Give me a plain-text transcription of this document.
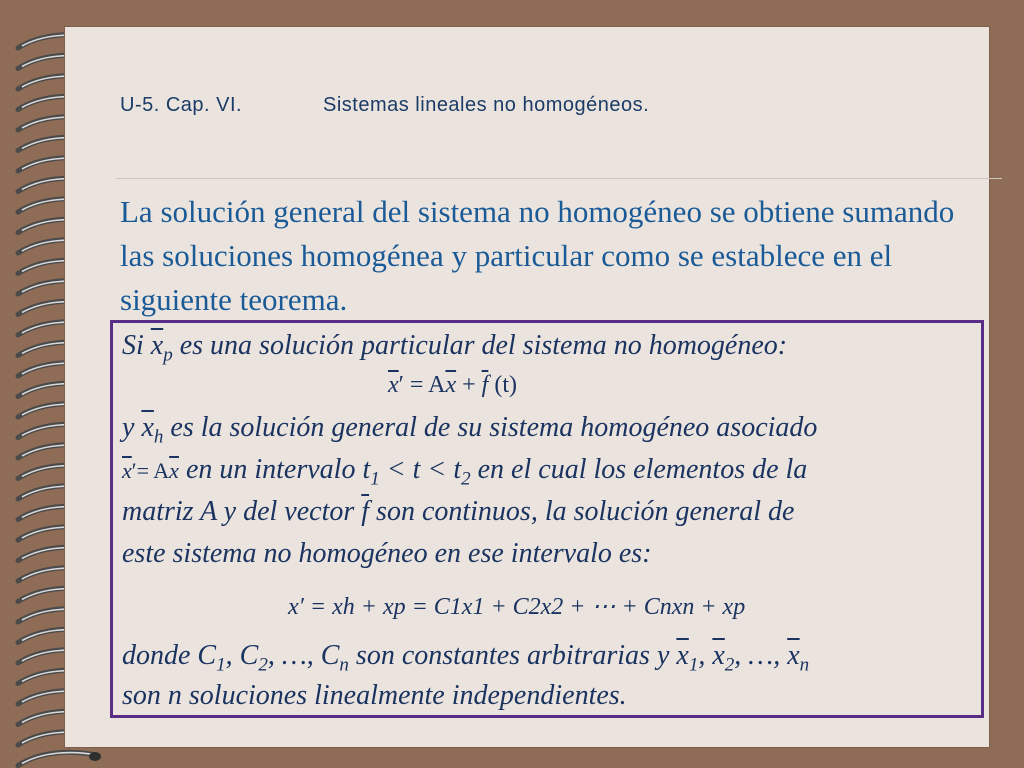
U-5. Cap. VI.	Sistemas lineales no homogéneos.
La solución general del sistema no homogéneo se obtiene sumando las soluciones homogénea y particular como se establece en el siguiente teorema.
Si $\overline{x}_p$ es una solución particular del sistema no homogéneo:
$\overline{x}' = A\overline{x} + \overline{f}$ (t)
y $\overline{x}_h$ es la solución general de su sistema homogéneo asociado
$\overline{x}'= A\overline{x}$ en un intervalo $t_1 < t < t_2$ en el cual los elementos de la
matriz A y del vector $\overline{f}$ son continuos, la solución general de
este sistema no homogéneo en ese intervalo es:
x′ = xh + xp = C1x1 + C2x2 + ⋯ + Cnxn + xp
donde $C_1$, $C_2$, …, $C_n$ son constantes arbitrarias y $\overline{x}_1$, $\overline{x}_2$, …, $\overline{x}_n$
son n soluciones linealmente independientes.
